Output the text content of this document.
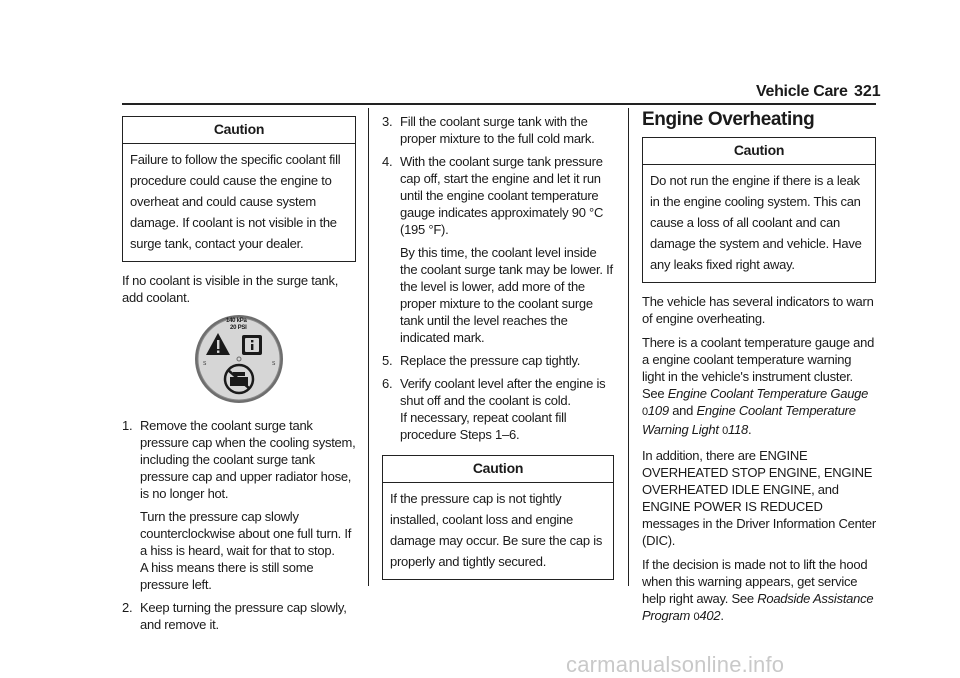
Vehicle Care 321
Caution
Failure to follow the specific coolant fill procedure could cause the engine to overheat and could cause system damage. If coolant is not visible in the surge tank, contact your dealer.

If no coolant is visible in the surge tank, add coolant.

S	S
140 kPa
20 PSI
1. Remove the coolant surge tank pressure cap when the cooling system, including the coolant surge tank pressure cap and upper radiator hose, is no longer hot.
Turn the pressure cap slowly counterclockwise about one full turn. If a hiss is heard, wait for that to stop.
A hiss means there is still some pressure left.
2. Keep turning the pressure cap slowly, and remove it.
3. Fill the coolant surge tank with the proper mixture to the full cold mark.
4. With the coolant surge tank pressure cap off, start the engine and let it run until the engine coolant temperature gauge indicates approximately 90 °C (195 °F).
By this time, the coolant level inside the coolant surge tank may be lower. If the level is lower, add more of the proper mixture to the coolant surge tank until the level reaches the indicated mark.
5. Replace the pressure cap tightly.
6. Verify coolant level after the engine is shut off and the coolant is cold.
If necessary, repeat coolant fill procedure Steps 1–6.
Caution
If the pressure cap is not tightly installed, coolant loss and engine damage may occur. Be sure the cap is properly and tightly secured.
Engine Overheating
Caution
Do not run the engine if there is a leak in the engine cooling system. This can cause a loss of all coolant and can damage the system and vehicle. Have any leaks fixed right away.

The vehicle has several indicators to warn of engine overheating.

There is a coolant temperature gauge and a engine coolant temperature warning light in the vehicle's instrument cluster. See Engine Coolant Temperature Gauge 0109 and Engine Coolant Temperature Warning Light 0118.

In addition, there are ENGINE OVERHEATED STOP ENGINE, ENGINE OVERHEATED IDLE ENGINE, and ENGINE POWER IS REDUCED messages in the Driver Information Center (DIC).

If the decision is made not to lift the hood when this warning appears, get service help right away. See Roadside Assistance Program 0402.

carmanualsonline.info
